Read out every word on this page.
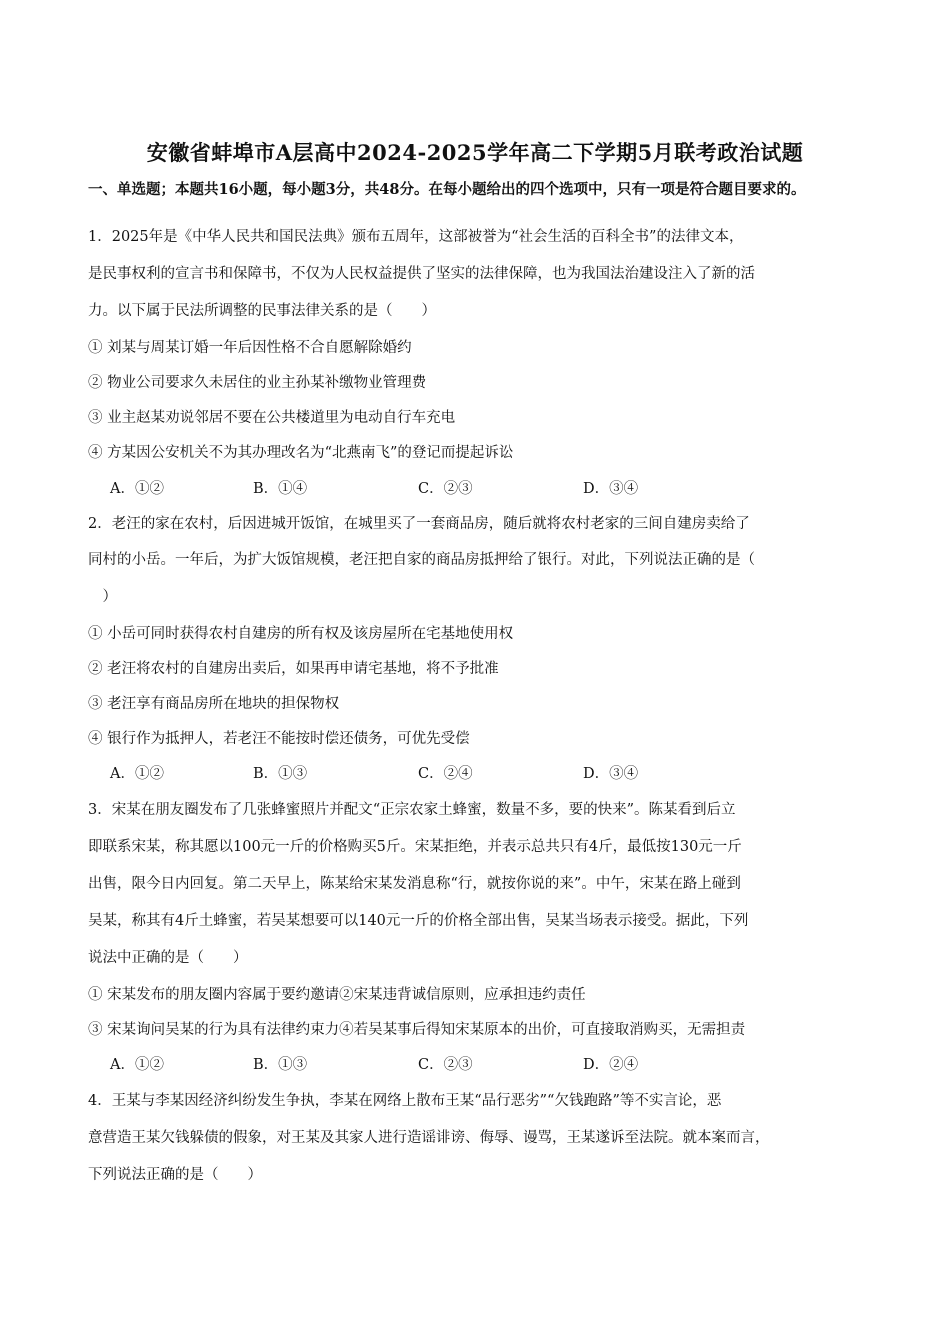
安徽省蚌埠市A层高中2024-2025学年高二下学期5月联考政治试题
一、单选题；本题共16小题，每小题3分，共48分。在每小题给出的四个选项中，只有一项是符合题目要求的。
1．2025年是《中华人民共和国民法典》颁布五周年，这部被誉为“社会生活的百科全书”的法律文本，
是民事权利的宣言书和保障书，不仅为人民权益提供了坚实的法律保障，也为我国法治建设注入了新的活
力。以下属于民法所调整的民事法律关系的是（　　）
① 刘某与周某订婚一年后因性格不合自愿解除婚约
② 物业公司要求久未居住的业主孙某补缴物业管理费
③ 业主赵某劝说邻居不要在公共楼道里为电动自行车充电
④ 方某因公安机关不为其办理改名为“北燕南飞”的登记而提起诉讼
A．①②	B．①④	C．②③	D．③④
2．老汪的家在农村，后因进城开饭馆，在城里买了一套商品房，随后就将农村老家的三间自建房卖给了
同村的小岳。一年后，为扩大饭馆规模，老汪把自家的商品房抵押给了银行。对此，下列说法正确的是（
　）
① 小岳可同时获得农村自建房的所有权及该房屋所在宅基地使用权
② 老汪将农村的自建房出卖后，如果再申请宅基地，将不予批准
③ 老汪享有商品房所在地块的担保物权
④ 银行作为抵押人，若老汪不能按时偿还债务，可优先受偿
A．①②	B．①③	C．②④	D．③④
3．宋某在朋友圈发布了几张蜂蜜照片并配文“正宗农家土蜂蜜，数量不多，要的快来”。陈某看到后立
即联系宋某，称其愿以100元一斤的价格购买5斤。宋某拒绝，并表示总共只有4斤，最低按130元一斤
出售，限今日内回复。第二天早上，陈某给宋某发消息称“行，就按你说的来”。中午，宋某在路上碰到
吴某，称其有4斤土蜂蜜，若吴某想要可以140元一斤的价格全部出售，吴某当场表示接受。据此，下列
说法中正确的是（　　）
① 宋某发布的朋友圈内容属于要约邀请②宋某违背诚信原则，应承担违约责任
③ 宋某询问吴某的行为具有法律约束力④若吴某事后得知宋某原本的出价，可直接取消购买，无需担责
A．①②	B．①③	C．②③	D．②④
4．王某与李某因经济纠纷发生争执，李某在网络上散布王某“品行恶劣”“欠钱跑路”等不实言论，恶
意营造王某欠钱躲债的假象，对王某及其家人进行造谣诽谤、侮辱、谩骂，王某遂诉至法院。就本案而言，
下列说法正确的是（　　）
